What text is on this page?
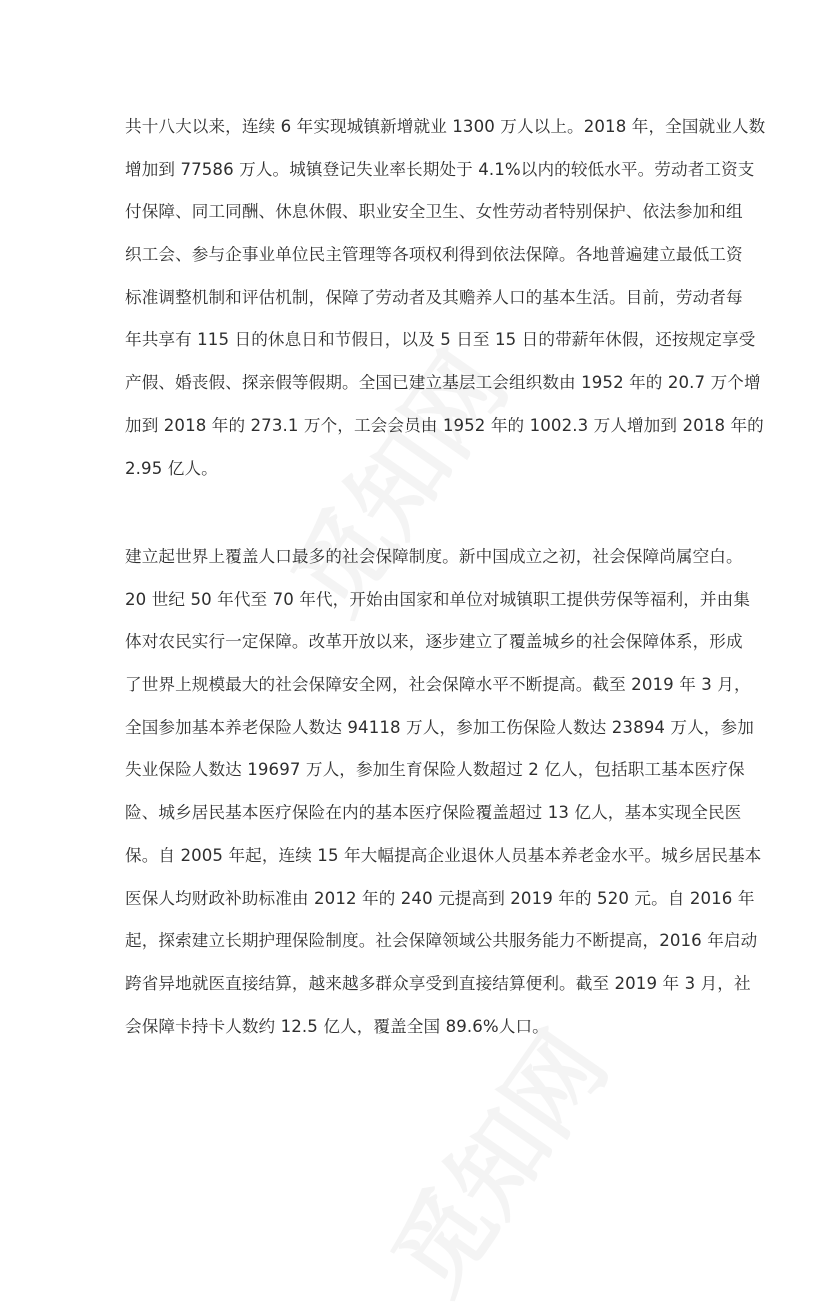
共十八大以来，连续 6 年实现城镇新增就业 1300 万人以上。2018 年，全国就业人数
增加到 77586 万人。城镇登记失业率长期处于 4.1%以内的较低水平。劳动者工资支
付保障、同工同酬、休息休假、职业安全卫生、女性劳动者特别保护、依法参加和组
织工会、参与企事业单位民主管理等各项权利得到依法保障。各地普遍建立最低工资
标准调整机制和评估机制，保障了劳动者及其赡养人口的基本生活。目前，劳动者每
年共享有 115 日的休息日和节假日，以及 5 日至 15 日的带薪年休假，还按规定享受
产假、婚丧假、探亲假等假期。全国已建立基层工会组织数由 1952 年的 20.7 万个增
加到 2018 年的 273.1 万个，工会会员由 1952 年的 1002.3 万人增加到 2018 年的
2.95 亿人。
建立起世界上覆盖人口最多的社会保障制度。新中国成立之初，社会保障尚属空白。
20 世纪 50 年代至 70 年代，开始由国家和单位对城镇职工提供劳保等福利，并由集
体对农民实行一定保障。改革开放以来，逐步建立了覆盖城乡的社会保障体系，形成
了世界上规模最大的社会保障安全网，社会保障水平不断提高。截至 2019 年 3 月，
全国参加基本养老保险人数达 94118 万人，参加工伤保险人数达 23894 万人，参加
失业保险人数达 19697 万人，参加生育保险人数超过 2 亿人，包括职工基本医疗保
险、城乡居民基本医疗保险在内的基本医疗保险覆盖超过 13 亿人，基本实现全民医
保。自 2005 年起，连续 15 年大幅提高企业退休人员基本养老金水平。城乡居民基本
医保人均财政补助标准由 2012 年的 240 元提高到 2019 年的 520 元。自 2016 年
起，探索建立长期护理保险制度。社会保障领域公共服务能力不断提高，2016 年启动
跨省异地就医直接结算，越来越多群众享受到直接结算便利。截至 2019 年 3 月，社
会保障卡持卡人数约 12.5 亿人，覆盖全国 89.6%人口。
